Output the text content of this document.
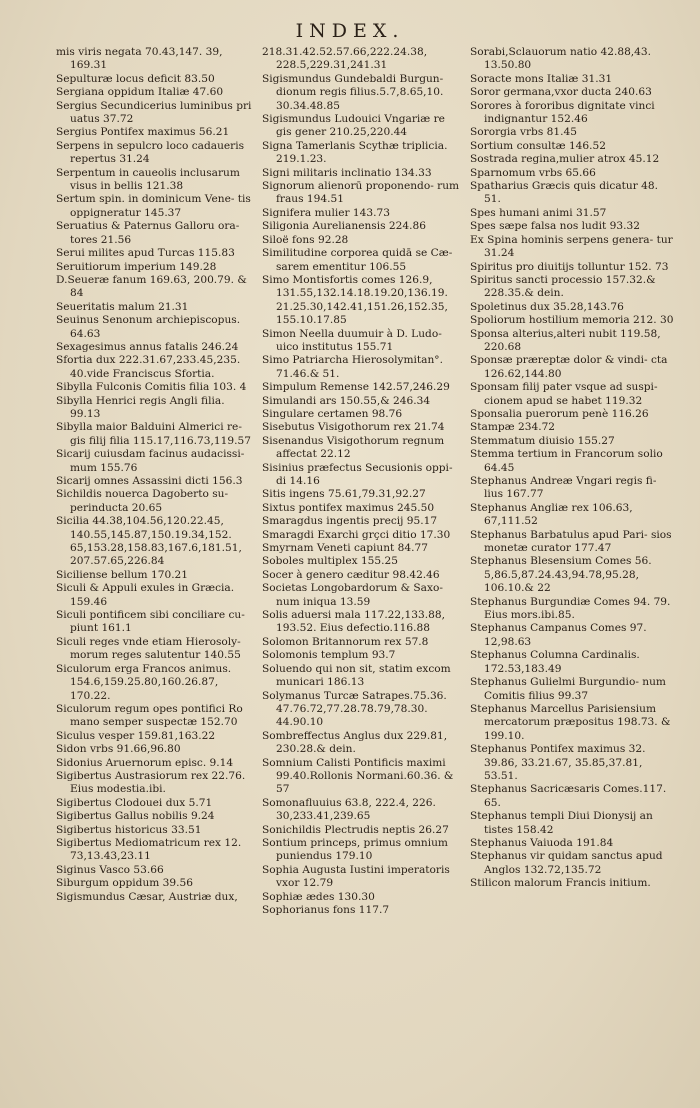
INDEX.
mis viris negata 70.43,147. 39, 169.31
Sepulturæ locus deficit 83.50
Sergiana oppidum Italiæ 47.60
Sergius Secundicerius luminibus pri uatus 37.72
Sergius Pontifex maximus 56.21
Serpens in sepulcro loco cadaueris repertus 31.24
Serpentum in caueolis inclusarum visus in bellis 121.38
Sertum spin. in dominicum Vene- tis oppigneratur 145.37
Seruatius & Paternus Galloru ora- tores 21.56
Serui milites apud Turcas 115.83
Seruitiorum imperium 149.28
D.Seueræ fanum 169.63, 200.79. & 84
Seueritatis malum 21.31
Seuinus Senonum archiepiscopus. 64.63
Sexagesimus annus fatalis 246.24
Sfortia dux 222.31.67,233.45,235. 40.vide Franciscus Sfortia.
Sibylla Fulconis Comitis filia 103. 4
Sibylla Henrici regis Angli filia. 99.13
Sibylla maior Balduini Almerici re- gis filij filia 115.17,116.73,119.57
Sicarij cuiusdam facinus audacissi- mum 155.76
Sicarij omnes Assassini dicti 156.3
Sichildis nouerca Dagoberto su- perinducta 20.65
Sicilia 44.38,104.56,120.22.45, 140.55,145.87,150.19.34,152. 65,153.28,158.83,167.6,181.51, 207.57.65,226.84
Siciliense bellum 170.21
Siculi & Appuli exules in Græcia. 159.46
Siculi pontificem sibi conciliare cu- piunt 161.1
Siculi reges vnde etiam Hierosoly- morum reges salutentur 140.55
Siculorum erga Francos animus. 154.6,159.25.80,160.26.87, 170.22.
Siculorum regum opes pontifici Ro mano semper suspectæ 152.70
Siculus vesper 159.81,163.22
Sidon vrbs 91.66,96.80
Sidonius Aruernorum episc. 9.14
Sigibertus Austrasiorum rex 22.76. Eius modestia.ibi.
Sigibertus Clodouei dux 5.71
Sigibertus Gallus nobilis 9.24
Sigibertus historicus 33.51
Sigibertus Mediomatricum rex 12. 73,13.43,23.11
Siginus Vasco 53.66
Siburgum oppidum 39.56
Sigismundus Cæsar, Austriæ dux,
218.31.42.52.57.66,222.24.38, 228.5,229.31,241.31
Sigismundus Gundebaldi Burgun- dionum regis filius.5.7,8.65,10. 30.34.48.85
Sigismundus Ludouici Vngariæ re gis gener 210.25,220.44
Signa Tamerlanis Scythæ triplicia. 219.1.23.
Signi militaris inclinatio 134.33
Signorum alienorū proponendo- rum fraus 194.51
Signifera mulier 143.73
Siligonia Aurelianensis 224.86
Siloë fons 92.28
Similitudine corporea quidā se Cæ- sarem ementitur 106.55
Simo Montisfortis comes 126.9, 131.55,132.14.18.19.20,136.19. 21.25.30,142.41,151.26,152.35, 155.10.17.85
Simon Neella duumuir à D. Ludo- uico institutus 155.71
Simo Patriarcha Hierosolymitan°. 71.46.& 51.
Simpulum Remense 142.57,246.29
Simulandi ars 150.55,& 246.34
Singulare certamen 98.76
Sisebutus Visigothorum rex 21.74
Sisenandus Visigothorum regnum affectat 22.12
Sisinius præfectus Secusionis oppi- di 14.16
Sitis ingens 75.61,79.31,92.27
Sixtus pontifex maximus 245.50
Smaragdus ingentis precij 95.17
Smaragdi Exarchi grçci ditio 17.30
Smyrnam Veneti capiunt 84.77
Soboles multiplex 155.25
Socer à genero cæditur 98.42.46
Societas Longobardorum & Saxo- num iniqua 13.59
Solis aduersi mala 117.22,133.88, 193.52. Eius defectio.116.88
Solomon Britannorum rex 57.8
Solomonis templum 93.7
Soluendo qui non sit, statim excom municari 186.13
Solymanus Turcæ Satrapes.75.36. 47.76.72,77.28.78.79,78.30. 44.90.10
Sombreffectus Anglus dux 229.81, 230.28.& dein.
Somnium Calisti Pontificis maximi 99.40.Rollonis Normani.60.36. & 57
Somonafluuius 63.8, 222.4, 226. 30,233.41,239.65
Sonichildis Plectrudis neptis 26.27
Sontium princeps, primus omnium puniendus 179.10
Sophia Augusta Iustini imperatoris vxor 12.79
Sophiæ ædes 130.30
Sophorianus fons 117.7
Sorabi,Sclauorum natio 42.88,43. 13.50.80
Soracte mons Italiæ 31.31
Soror germana,vxor ducta 240.63
Sorores à fororibus dignitate vinci indignantur 152.46
Sororgia vrbs 81.45
Sortium consultæ 146.52
Sostrada regina,mulier atrox 45.12
Sparnomum vrbs 65.66
Spatharius Græcis quis dicatur 48. 51.
Spes humani animi 31.57
Spes sæpe falsa nos ludit 93.32
Ex Spina hominis serpens genera- tur 31.24
Spiritus pro diuitijs tolluntur 152. 73
Spiritus sancti processio 157.32.& 228.35.& dein.
Spoletinus dux 35.28,143.76
Spoliorum hostilium memoria 212. 30
Sponsa alterius,alteri nubit 119.58, 220.68
Sponsæ præreptæ dolor & vindi- cta 126.62,144.80
Sponsam filij pater vsque ad suspi- cionem apud se habet 119.32
Sponsalia puerorum penè 116.26
Stampæ 234.72
Stemmatum diuisio 155.27
Stemma tertium in Francorum solio 64.45
Stephanus Andreæ Vngari regis fi- lius 167.77
Stephanus Angliæ rex 106.63, 67,111.52
Stephanus Barbatulus apud Pari- sios monetæ curator 177.47
Stephanus Blesensium Comes 56. 5,86.5,87.24.43,94.78,95.28, 106.10.& 22
Stephanus Burgundiæ Comes 94. 79. Eius mors.ibi.85.
Stephanus Campanus Comes 97. 12,98.63
Stephanus Columna Cardinalis. 172.53,183.49
Stephanus Gulielmi Burgundio- num Comitis filius 99.37
Stephanus Marcellus Parisiensium mercatorum præpositus 198.73. & 199.10.
Stephanus Pontifex maximus 32. 39.86, 33.21.67, 35.85,37.81, 53.51.
Stephanus Sacricæsaris Comes.117. 65.
Stephanus templi Diui Dionysij an tistes 158.42
Stephanus Vaiuoda 191.84
Stephanus vir quidam sanctus apud Anglos 132.72,135.72
Stilicon malorum Francis initium.
